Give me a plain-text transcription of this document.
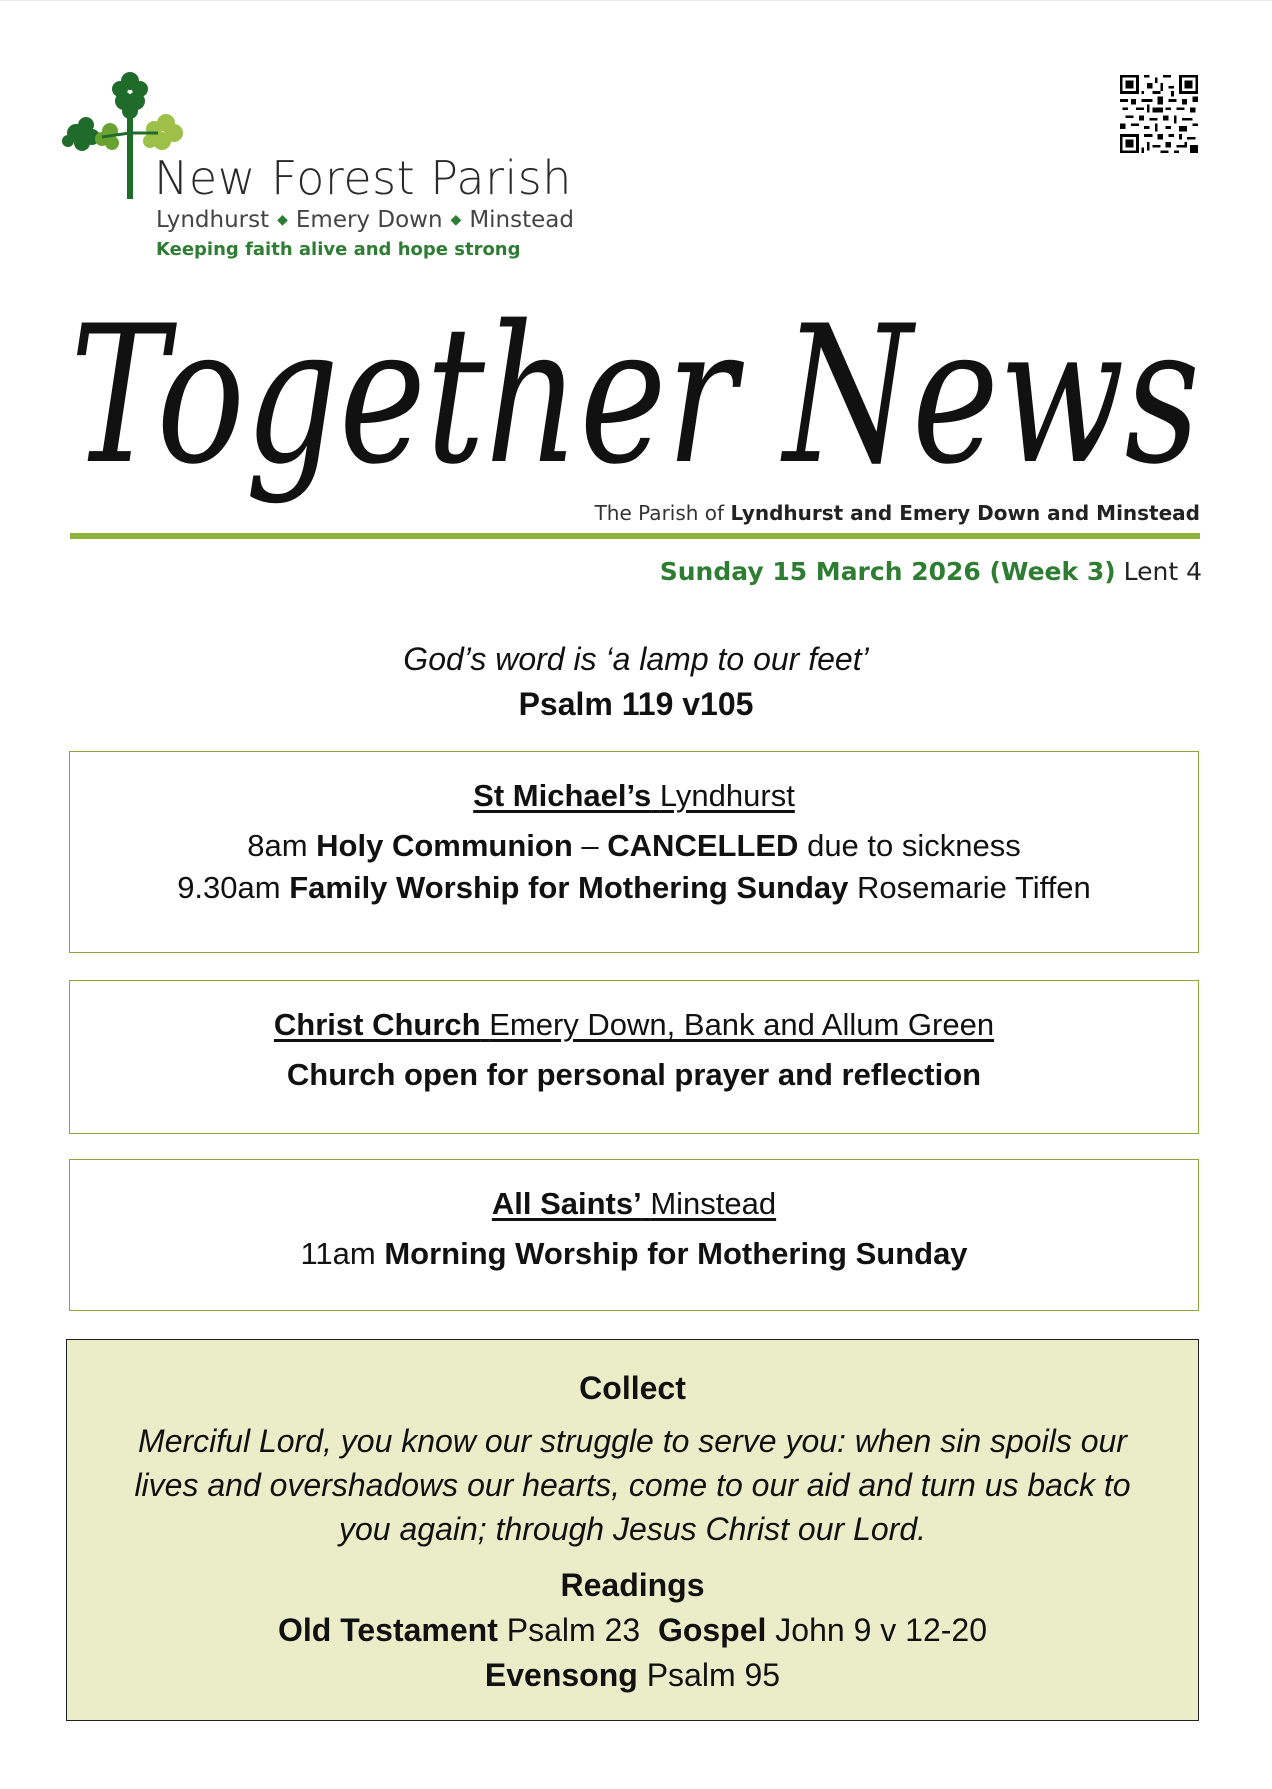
New Forest Parish
Lyndhurst ◆ Emery Down ◆ Minstead
Keeping faith alive and hope strong
Together News
The Parish of Lyndhurst and Emery Down and Minstead
Sunday 15 March 2026 (Week 3) Lent 4
God’s word is ‘a lamp to our feet’
Psalm 119 v105
St Michael’s Lyndhurst
8am Holy Communion – CANCELLED due to sickness
9.30am Family Worship for Mothering Sunday Rosemarie Tiffen
Christ Church Emery Down, Bank and Allum Green
Church open for personal prayer and reflection
All Saints’ Minstead
11am Morning Worship for Mothering Sunday
Collect
Merciful Lord, you know our struggle to serve you: when sin spoils our
lives and overshadows our hearts, come to our aid and turn us back to
you again; through Jesus Christ our Lord.
Readings
Old Testament Psalm 23 Gospel John 9 v 12-20
Evensong Psalm 95
